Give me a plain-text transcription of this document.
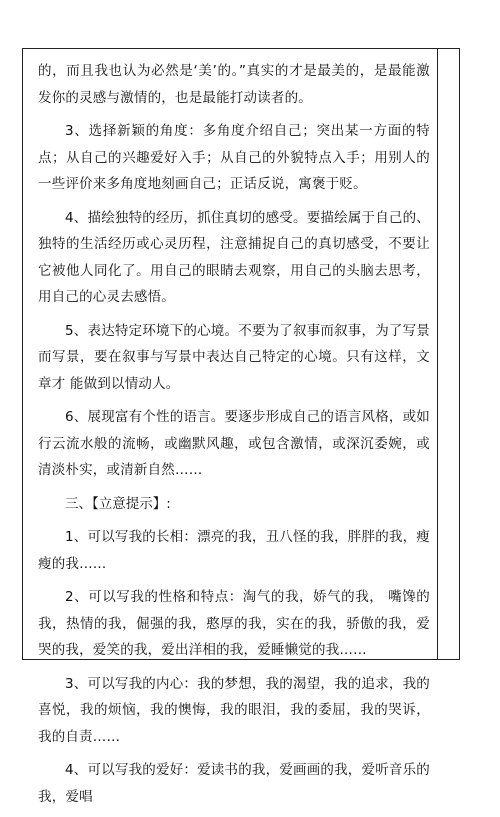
的，而且我也认为必然是‘美’的。”真实的才是最美的，是最能激发你的灵感与激情的，也是最能打动读者的。

3、选择新颖的角度：多角度介绍自己；突出某一方面的特点；从自己的兴趣爱好入手；从自己的外貌特点入手；用别人的一些评价来多角度地刻画自己；正话反说，寓褒于贬。

4、描绘独特的经历，抓住真切的感受。要描绘属于自己的、独特的生活经历或心灵历程，注意捕捉自己的真切感受，不要让它被他人同化了。用自己的眼睛去观察，用自己的头脑去思考，用自己的心灵去感悟。

5、表达特定环境下的心境。不要为了叙事而叙事，为了写景而写景，要在叙事与写景中表达自己特定的心境。只有这样，文章才 能做到以情动人。

6、展现富有个性的语言。要逐步形成自己的语言风格，或如行云流水般的流畅，或幽默风趣，或包含激情，或深沉委婉，或清淡朴实，或清新自然……

三、【立意提示】:

1、可以写我的长相：漂亮的我，丑八怪的我，胖胖的我，瘦瘦的我……

2、可以写我的性格和特点：淘气的我，娇气的我， 嘴馋的我，热情的我，倔强的我，憨厚的我，实在的我，骄傲的我，爱哭的我，爱笑的我，爱出洋相的我，爱睡懒觉的我……

3、可以写我的内心：我的梦想，我的渴望，我的追求，我的喜悦，我的烦恼，我的懊悔，我的眼泪，我的委屈，我的哭诉，我的自责……

4、可以写我的爱好：爱读书的我，爱画画的我，爱听音乐的我，爱唱
